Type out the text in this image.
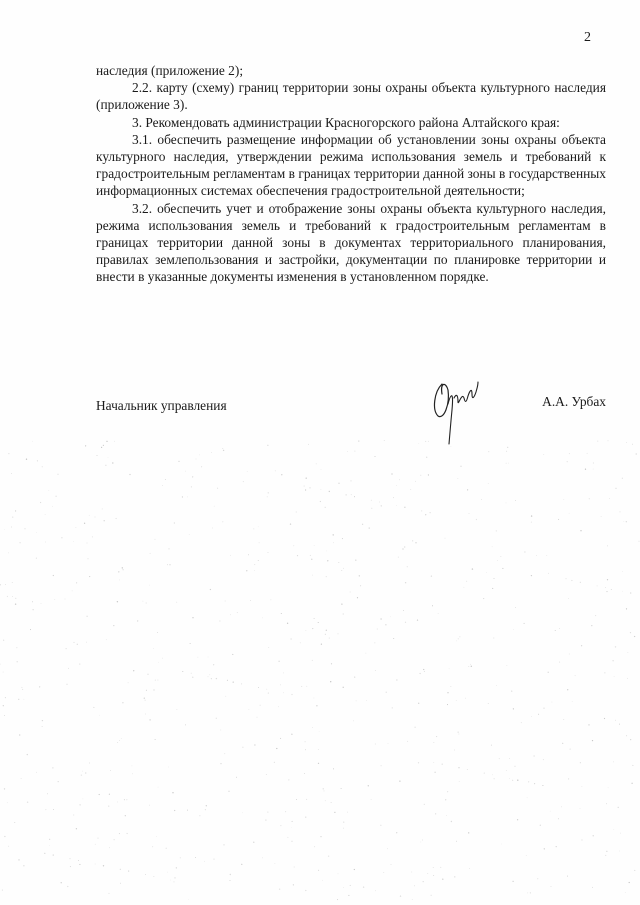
2

наследия (приложение 2);

2.2. карту (схему) границ территории зоны охраны объекта культурного наследия (приложение 3).

3. Рекомендовать администрации Красногорского района Алтайского края:

3.1. обеспечить размещение информации об установлении зоны охраны объекта культурного наследия, утверждении режима использования земель и требований к градостроительным регламентам в границах территории данной зоны в государственных информационных системах обеспечения градостроительной деятельности;

3.2. обеспечить учет и отображение зоны охраны объекта культурного наследия, режима использования земель и требований к градостроительным регламентам в границах территории данной зоны в документах территориального планирования, правилах землепользования и застройки, документации по планировке территории и внести в указанные документы изменения в установленном порядке.

Начальник управления	А.А. Урбах
